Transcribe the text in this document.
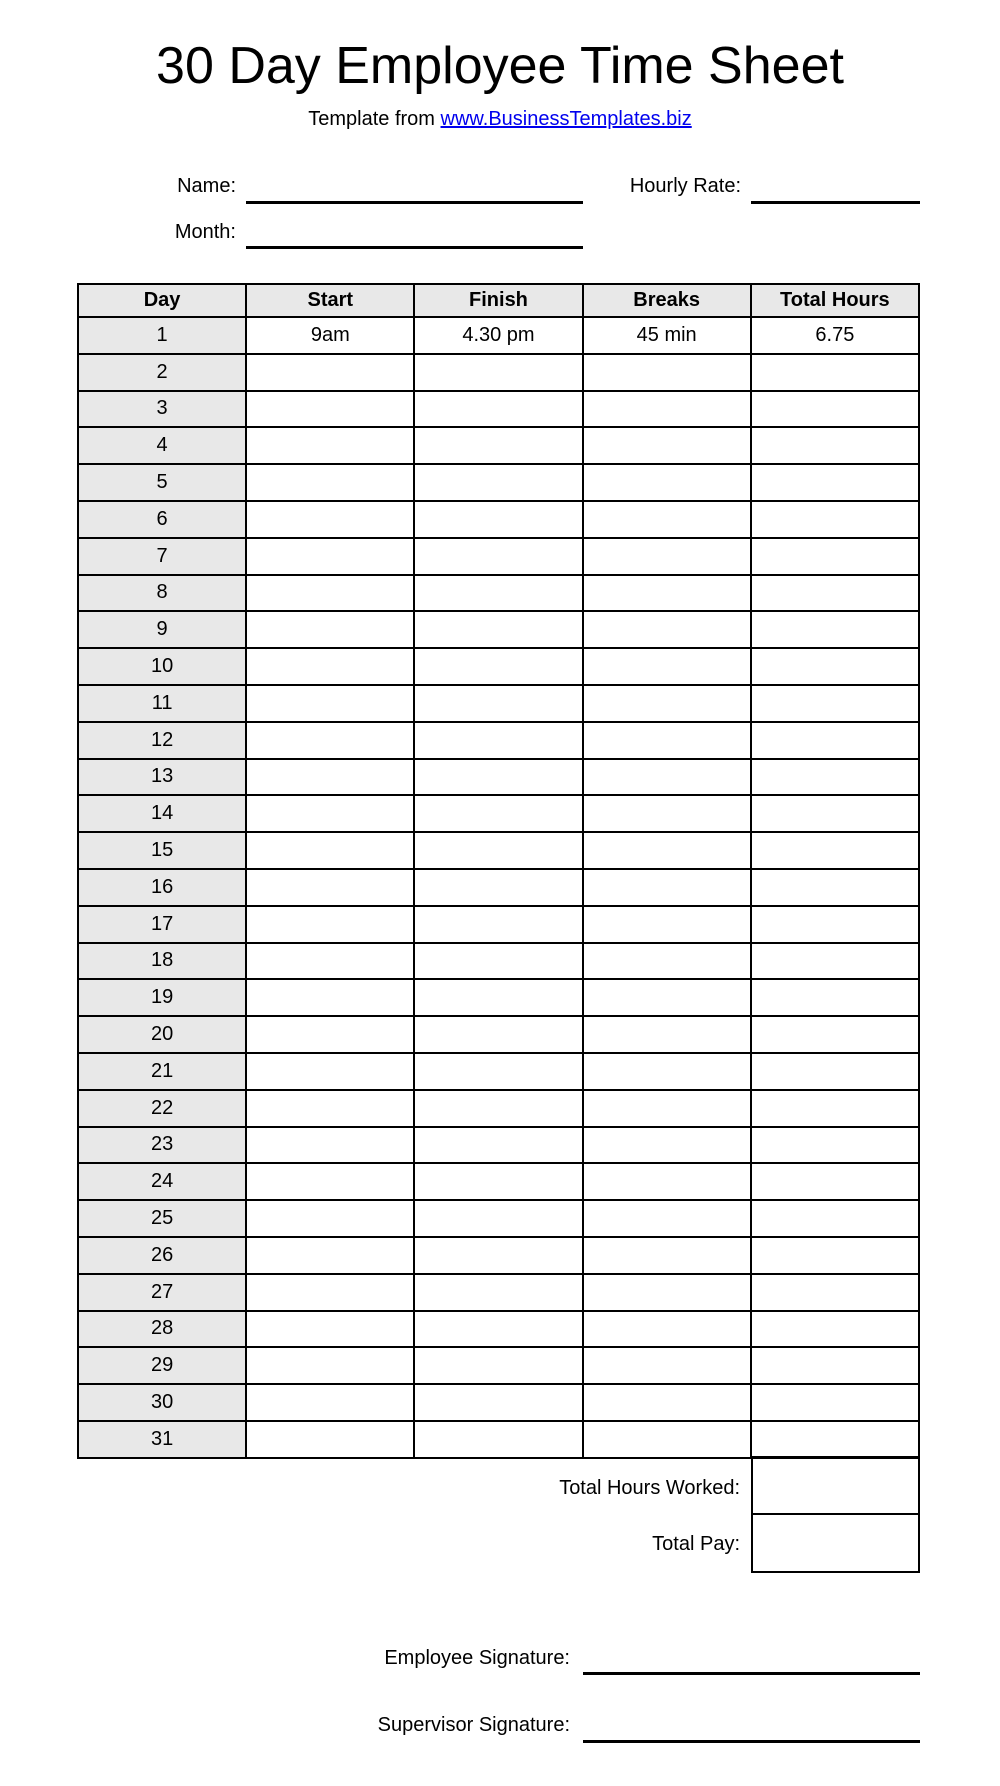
30 Day Employee Time Sheet
Template from www.BusinessTemplates.biz
Name:	Hourly Rate:
Month:
Day	Start	Finish	Breaks	Total Hours
1	9am	4.30 pm	45 min	6.75
2				
3				
4				
5				
6				
7				
8				
9				
10				
11				
12				
13				
14				
15				
16				
17				
18				
19				
20				
21				
22				
23				
24				
25				
26				
27				
28				
29				
30				
31				
Total Hours Worked:
Total Pay:
Employee Signature:
Supervisor Signature:
